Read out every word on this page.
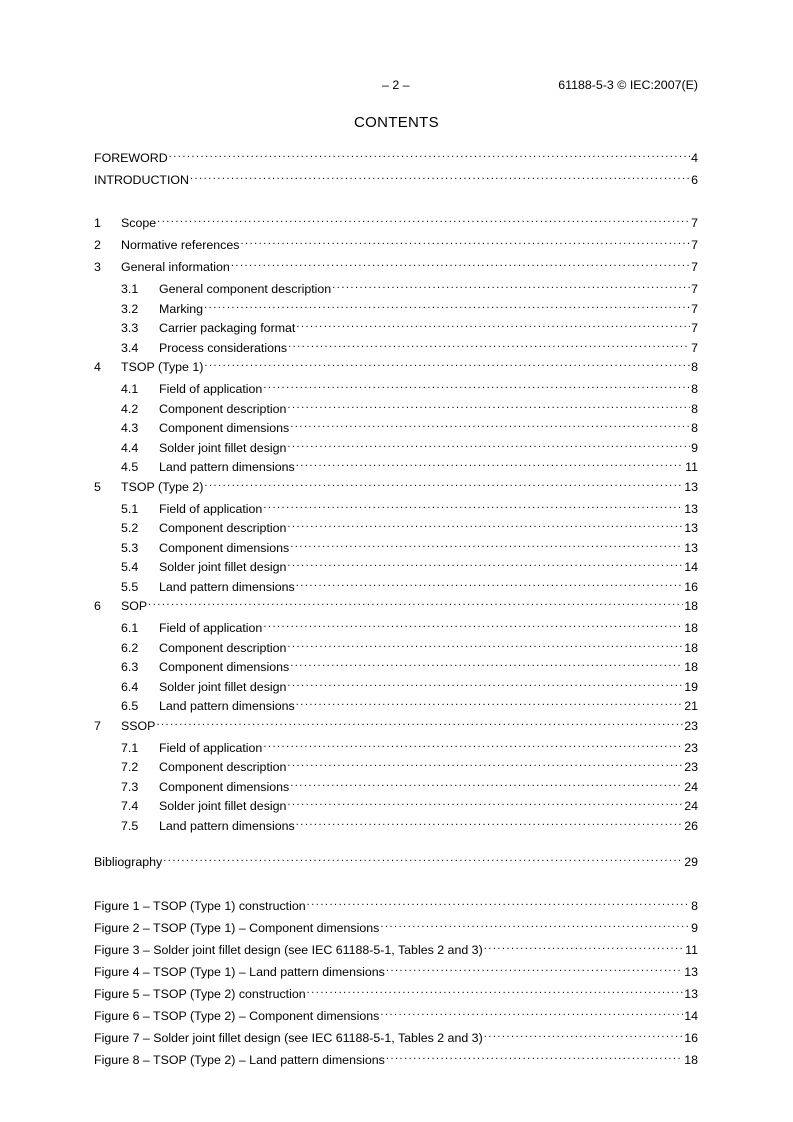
– 2 –	61188-5-3 © IEC:2007(E)
CONTENTS
FOREWORD .....	4
INTRODUCTION .....	6
1	Scope .....	7
2	Normative references .....	7
3	General information .....	7
3.1	General component description .....	7
3.2	Marking .....	7
3.3	Carrier packaging format .....	7
3.4	Process considerations .....	7
4	TSOP (Type 1) .....	8
4.1	Field of application .....	8
4.2	Component description .....	8
4.3	Component dimensions .....	8
4.4	Solder joint fillet design .....	9
4.5	Land pattern dimensions .....	11
5	TSOP (Type 2) .....	13
5.1	Field of application .....	13
5.2	Component description .....	13
5.3	Component dimensions .....	13
5.4	Solder joint fillet design .....	14
5.5	Land pattern dimensions .....	16
6	SOP .....	18
6.1	Field of application .....	18
6.2	Component description .....	18
6.3	Component dimensions .....	18
6.4	Solder joint fillet design .....	19
6.5	Land pattern dimensions .....	21
7	SSOP .....	23
7.1	Field of application .....	23
7.2	Component description .....	23
7.3	Component dimensions .....	24
7.4	Solder joint fillet design .....	24
7.5	Land pattern dimensions .....	26
Bibliography .....	29
Figure 1 – TSOP (Type 1) construction .....	8
Figure 2 – TSOP (Type 1) – Component dimensions .....	9
Figure 3 – Solder joint fillet design (see IEC 61188-5-1, Tables 2 and 3) .....	11
Figure 4 – TSOP (Type 1) – Land pattern dimensions .....	13
Figure 5 – TSOP (Type 2) construction .....	13
Figure 6 – TSOP (Type 2) – Component dimensions .....	14
Figure 7 – Solder joint fillet design (see IEC 61188-5-1, Tables 2 and 3) .....	16
Figure 8 – TSOP (Type 2) – Land pattern dimensions .....	18
